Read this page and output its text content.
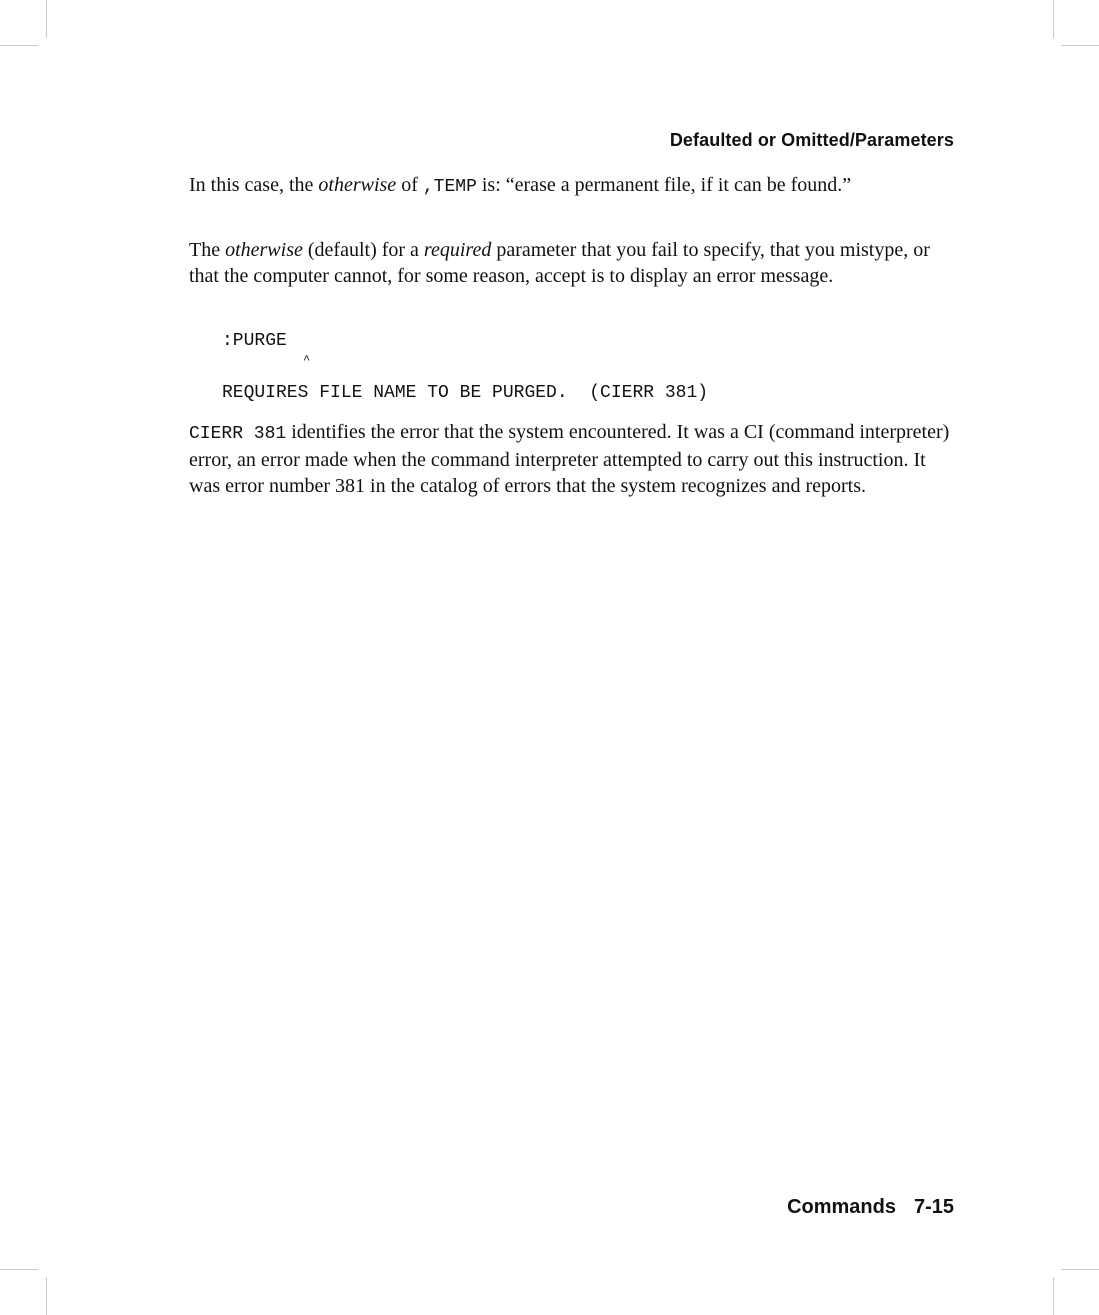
Defaulted or Omitted/Parameters

In this case, the otherwise of ,TEMP is: “erase a permanent file, if it can be found.”

The otherwise (default) for a required parameter that you fail to specify, that you mistype, or that the computer cannot, for some reason, accept is to display an error message.

:PURGE
^
REQUIRES FILE NAME TO BE PURGED.  (CIERR 381)

CIERR 381 identifies the error that the system encountered. It was a CI (command interpreter) error, an error made when the command interpreter attempted to carry out this instruction. It was error number 381 in the catalog of errors that the system recognizes and reports.

Commands 7-15
